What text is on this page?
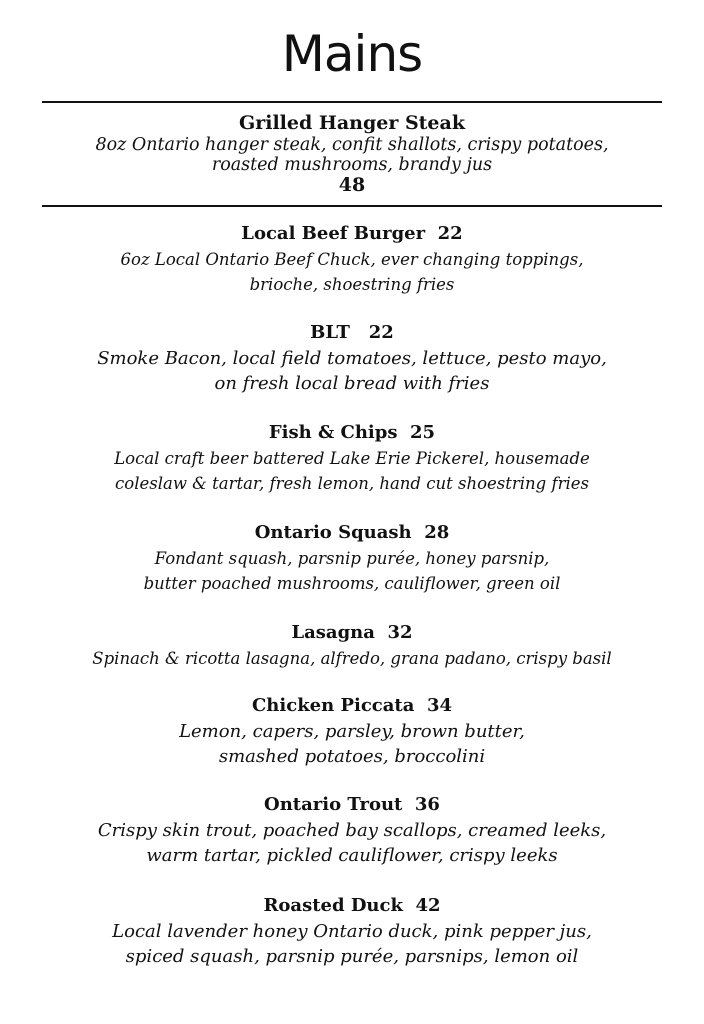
Mains
Grilled Hanger Steak
8oz Ontario hanger steak, confit shallots, crispy potatoes,
roasted mushrooms, brandy jus
48
Local Beef Burger 22
6oz Local Ontario Beef Chuck, ever changing toppings,
brioche, shoestring fries
BLT 22
Smoke Bacon, local field tomatoes, lettuce, pesto mayo,
on fresh local bread with fries
Fish & Chips 25
Local craft beer battered Lake Erie Pickerel, housemade
coleslaw & tartar, fresh lemon, hand cut shoestring fries
Ontario Squash 28
Fondant squash, parsnip purée, honey parsnip,
butter poached mushrooms, cauliflower, green oil
Lasagna 32
Spinach & ricotta lasagna, alfredo, grana padano, crispy basil
Chicken Piccata 34
Lemon, capers, parsley, brown butter,
smashed potatoes, broccolini
Ontario Trout 36
Crispy skin trout, poached bay scallops, creamed leeks,
warm tartar, pickled cauliflower, crispy leeks
Roasted Duck 42
Local lavender honey Ontario duck, pink pepper jus,
spiced squash, parsnip purée, parsnips, lemon oil
